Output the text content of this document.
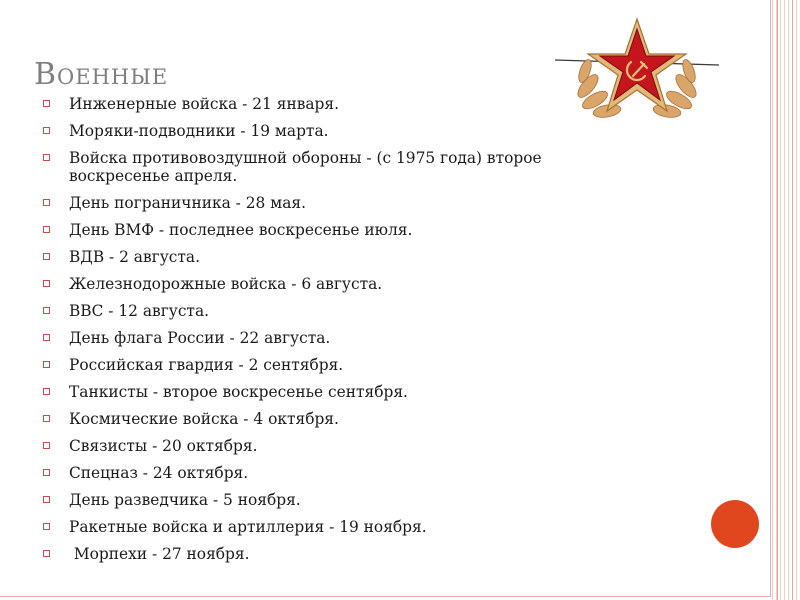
Военные
Инженерные войска - 21 января.
Моряки-подводники - 19 марта.
Войска противовоздушной обороны - (с 1975 года) второе воскресенье апреля.
День пограничника - 28 мая.
День ВМФ - последнее воскресенье июля.
ВДВ - 2 августа.
Железнодорожные войска - 6 августа.
ВВС - 12 августа.
День флага России - 22 августа.
Российская гвардия - 2 сентября.
Танкисты - второе воскресенье сентября.
Космические войска - 4 октября.
Связисты - 20 октября.
Спецназ - 24 октября.
День разведчика - 5 ноября.
Ракетные войска и артиллерия - 19 ноября.
Морпехи - 27 ноября.
